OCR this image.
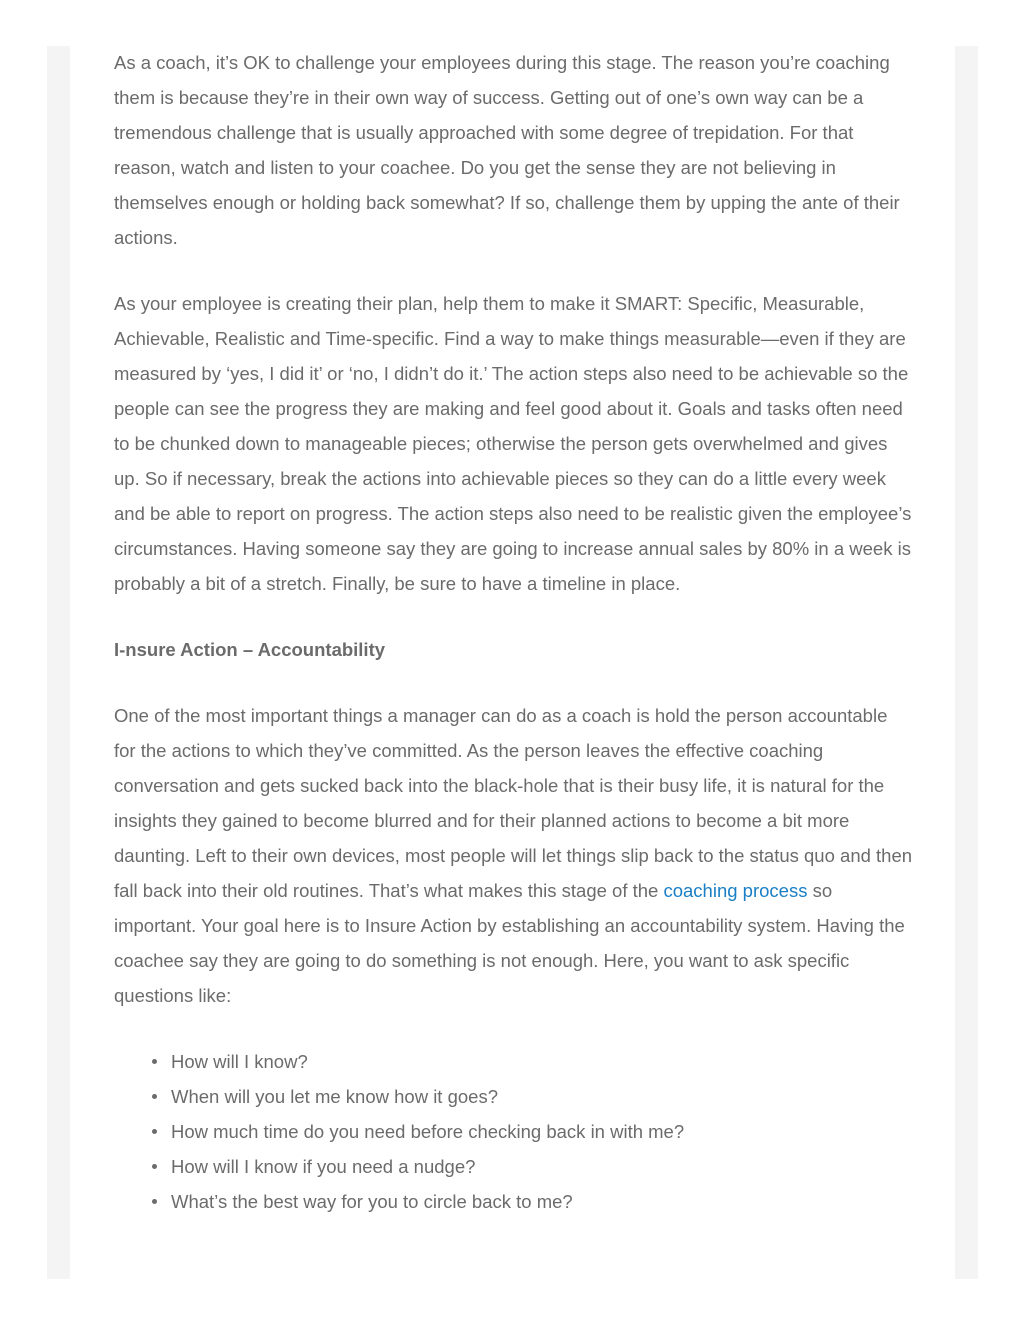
As a coach, it’s OK to challenge your employees during this stage. The reason you’re coaching them is because they’re in their own way of success. Getting out of one’s own way can be a tremendous challenge that is usually approached with some degree of trepidation. For that reason, watch and listen to your coachee. Do you get the sense they are not believing in themselves enough or holding back somewhat? If so, challenge them by upping the ante of their actions.

As your employee is creating their plan, help them to make it SMART: Specific, Measurable, Achievable, Realistic and Time-specific. Find a way to make things measurable—even if they are measured by ‘yes, I did it’ or ‘no, I didn’t do it.’ The action steps also need to be achievable so the people can see the progress they are making and feel good about it. Goals and tasks often need to be chunked down to manageable pieces; otherwise the person gets overwhelmed and gives up. So if necessary, break the actions into achievable pieces so they can do a little every week and be able to report on progress. The action steps also need to be realistic given the employee’s circumstances. Having someone say they are going to increase annual sales by 80% in a week is probably a bit of a stretch. Finally, be sure to have a timeline in place.

I-nsure Action – Accountability

One of the most important things a manager can do as a coach is hold the person accountable for the actions to which they’ve committed. As the person leaves the effective coaching conversation and gets sucked back into the black-hole that is their busy life, it is natural for the insights they gained to become blurred and for their planned actions to become a bit more daunting. Left to their own devices, most people will let things slip back to the status quo and then fall back into their old routines. That’s what makes this stage of the coaching process so important. Your goal here is to Insure Action by establishing an accountability system. Having the coachee say they are going to do something is not enough. Here, you want to ask specific questions like:

How will I know?
When will you let me know how it goes?
How much time do you need before checking back in with me?
How will I know if you need a nudge?
What’s the best way for you to circle back to me?
